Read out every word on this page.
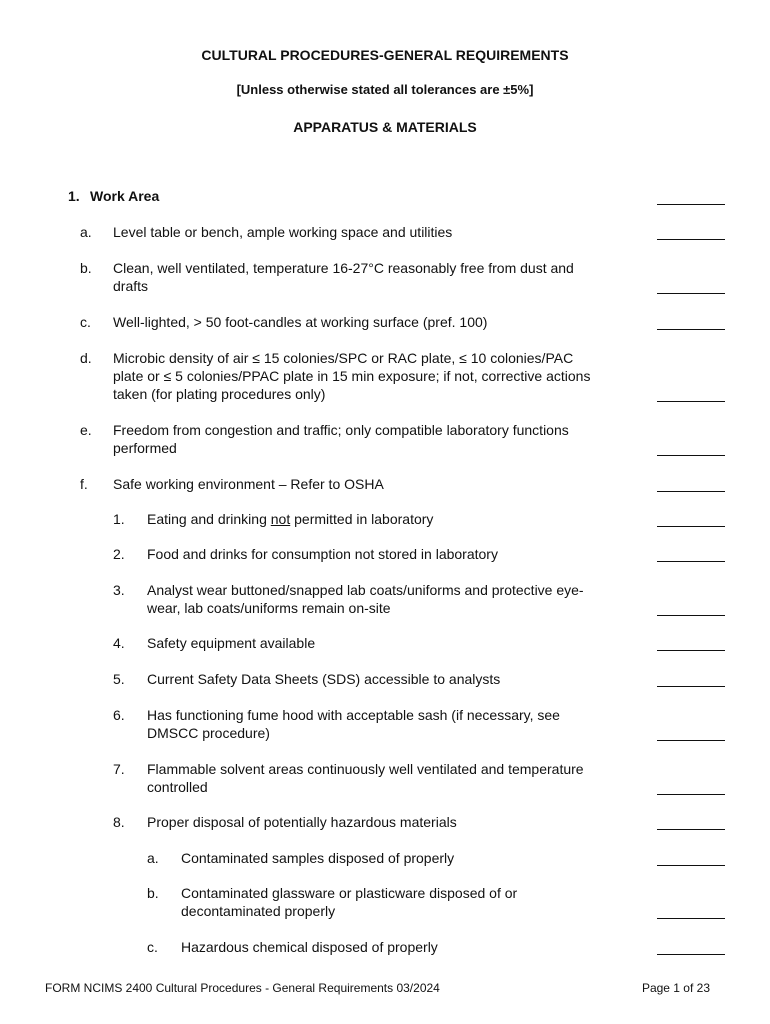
CULTURAL PROCEDURES-GENERAL REQUIREMENTS
[Unless otherwise stated all tolerances are ±5%]
APPARATUS & MATERIALS
1. Work Area
a. Level table or bench, ample working space and utilities
b. Clean, well ventilated, temperature 16-27°C reasonably free from dust and
drafts
c. Well-lighted, > 50 foot-candles at working surface (pref. 100)
d. Microbic density of air ≤ 15 colonies/SPC or RAC plate, ≤ 10 colonies/PAC
plate or ≤ 5 colonies/PPAC plate in 15 min exposure; if not, corrective actions
taken (for plating procedures only)
e. Freedom from congestion and traffic; only compatible laboratory functions
performed
f. Safe working environment – Refer to OSHA
1. Eating and drinking not permitted in laboratory
2. Food and drinks for consumption not stored in laboratory
3. Analyst wear buttoned/snapped lab coats/uniforms and protective eye-
wear, lab coats/uniforms remain on-site
4. Safety equipment available
5. Current Safety Data Sheets (SDS) accessible to analysts
6. Has functioning fume hood with acceptable sash (if necessary, see
DMSCC procedure)
7. Flammable solvent areas continuously well ventilated and temperature
controlled
8. Proper disposal of potentially hazardous materials
a. Contaminated samples disposed of properly
b. Contaminated glassware or plasticware disposed of or
decontaminated properly
c. Hazardous chemical disposed of properly
FORM NCIMS 2400 Cultural Procedures - General Requirements 03/2024	Page 1 of 23
